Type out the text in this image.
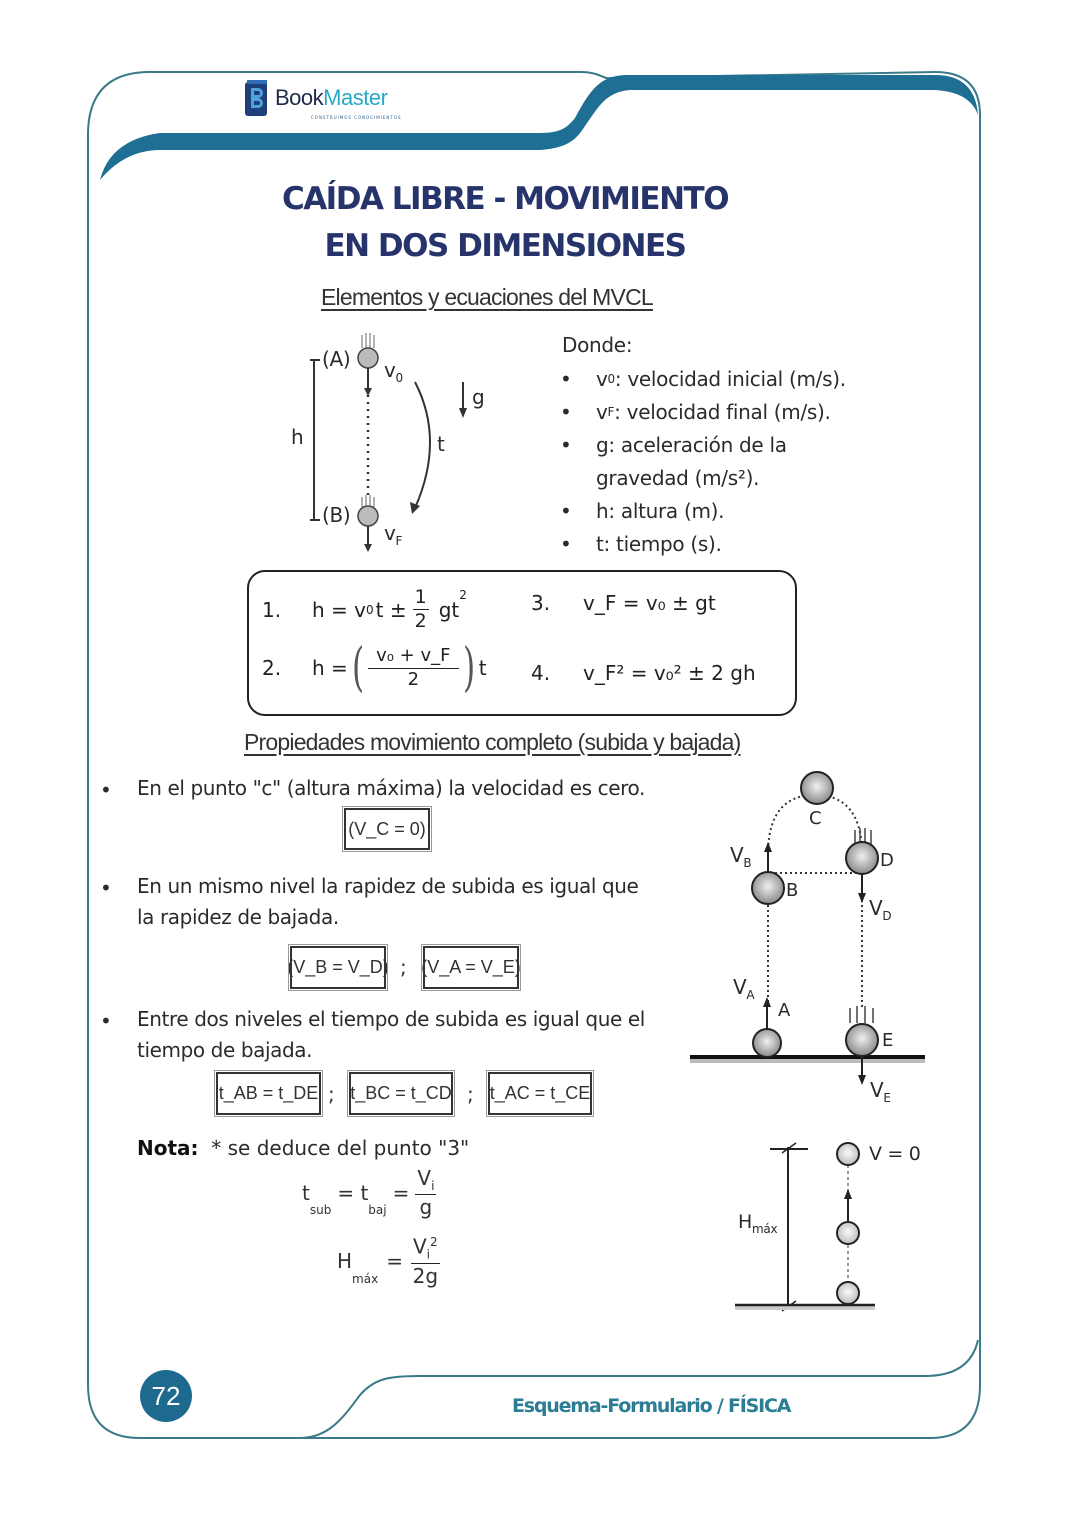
BookMaster
CONSTRUIMOS CONOCIMIENTOS
CAÍDA LIBRE - MOVIMIENTO
EN DOS DIMENSIONES
Elementos y ecuaciones del MVCL
(A)
(B)
$v_0$
$v_F$
h	t
g
Donde:
•	v 0 : velocidad inicial (m/s).
•	v F : velocidad final (m/s).
•	g: aceleración de la
gravedad (m/s²).
•	h: altura (m).
•	t: tiempo (s).
1.	h = v 0 $t \pm \frac{1}{2}$ gt
$^2$
2.	h = ( $\frac{\text{v₀ + v\_F}}{2}$ ) t
3.	v_F = v₀ ± gt
4.	v_F² = v₀² ± 2 gh
Propiedades movimiento completo (subida y bajada)
• En el punto "c" (altura máxima) la velocidad es cero.
(V_C = 0)
• En un mismo nivel la rapidez de subida es igual que
la rapidez de bajada.
(V_B = V_D) ; (V_A = V_E)
• Entre dos niveles el tiempo de subida es igual que el
tiempo de bajada.
t_AB = t_DE ; t_BC = t_CD ; t_AC = t_CE
Nota: * se deduce del punto "3"
t
$_{sub}$
= t
$_{baj}$
= $\frac{V_i}{g}$
H
$_{máx}$
= $\frac{V_i^2}{2g}$
C
B
D
A
E
$V_B$
$V_D$
$V_A$
$V_E$
$H_{máx}$
V = 0
72	Esquema-Formulario / FÍSICA
